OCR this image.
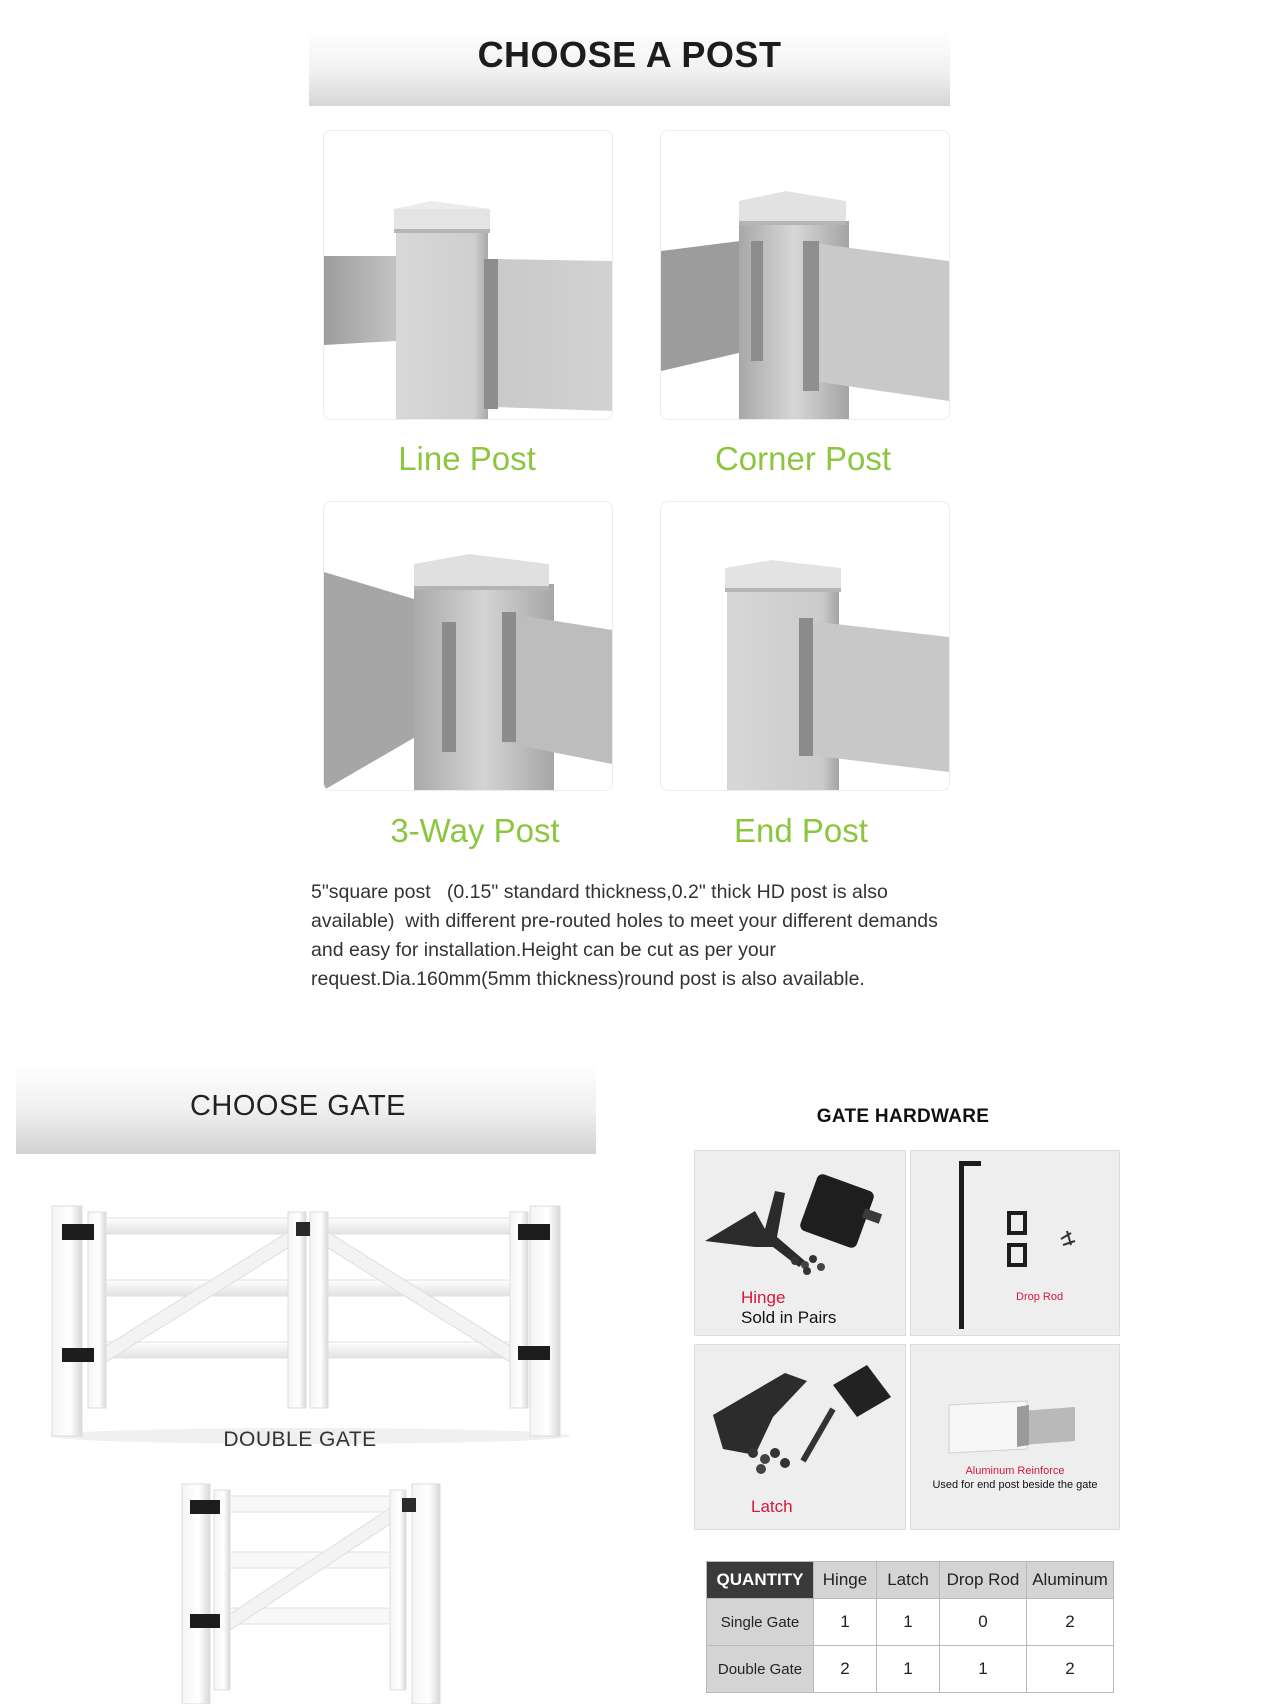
CHOOSE A POST
Line Post	Corner Post
3-Way Post	End Post
5"square post   (0.15" standard thickness,0.2" thick HD post is also available)  with different pre-routed holes to meet your different demands and easy for installation.Height can be cut as per your request.Dia.160mm(5mm thickness)round post is also available.
CHOOSE GATE
DOUBLE GATE
GATE HARDWARE
Hinge
Sold in Pairs
Drop Rod
Latch
Aluminum Reinforce
Used for end post beside the gate
QUANTITY	Hinge	Latch	Drop Rod	Aluminum
Single Gate	1	1	0	2
Double Gate	2	1	1	2
